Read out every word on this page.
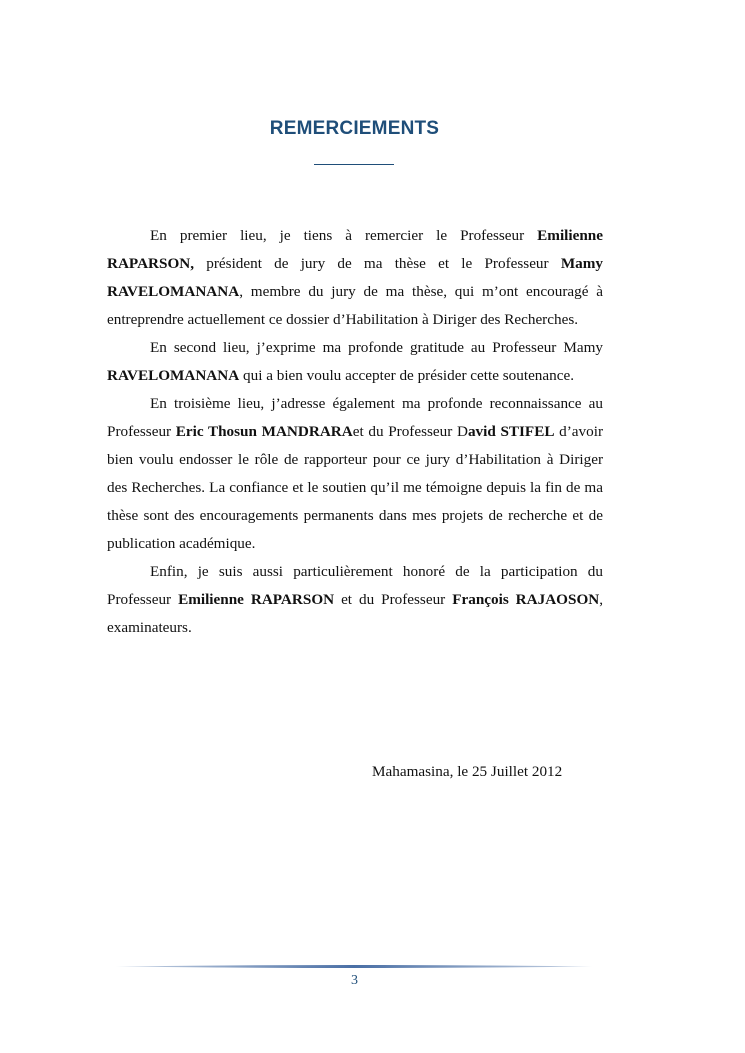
REMERCIEMENTS

En premier lieu, je tiens à remercier le Professeur Emilienne RAPARSON, président de jury de ma thèse et le Professeur Mamy RAVELOMANANA, membre du jury de ma thèse, qui m’ont encouragé à entreprendre actuellement ce dossier d’Habilitation à Diriger des Recherches.

En second lieu, j’exprime ma profonde gratitude au Professeur Mamy RAVELOMANANA qui a bien voulu accepter de présider cette soutenance.

En troisième lieu, j’adresse également ma profonde reconnaissance au Professeur Eric Thosun MANDRARAet du Professeur David STIFEL d’avoir bien voulu endosser le rôle de rapporteur pour ce jury d’Habilitation à Diriger des Recherches. La confiance et le soutien qu’il me témoigne depuis la fin de ma thèse sont des encouragements permanents dans mes projets de recherche et de publication académique.

Enfin, je suis aussi particulièrement honoré de la participation du Professeur Emilienne RAPARSON et du Professeur François RAJAOSON, examinateurs.

Mahamasina, le 25 Juillet 2012
3
